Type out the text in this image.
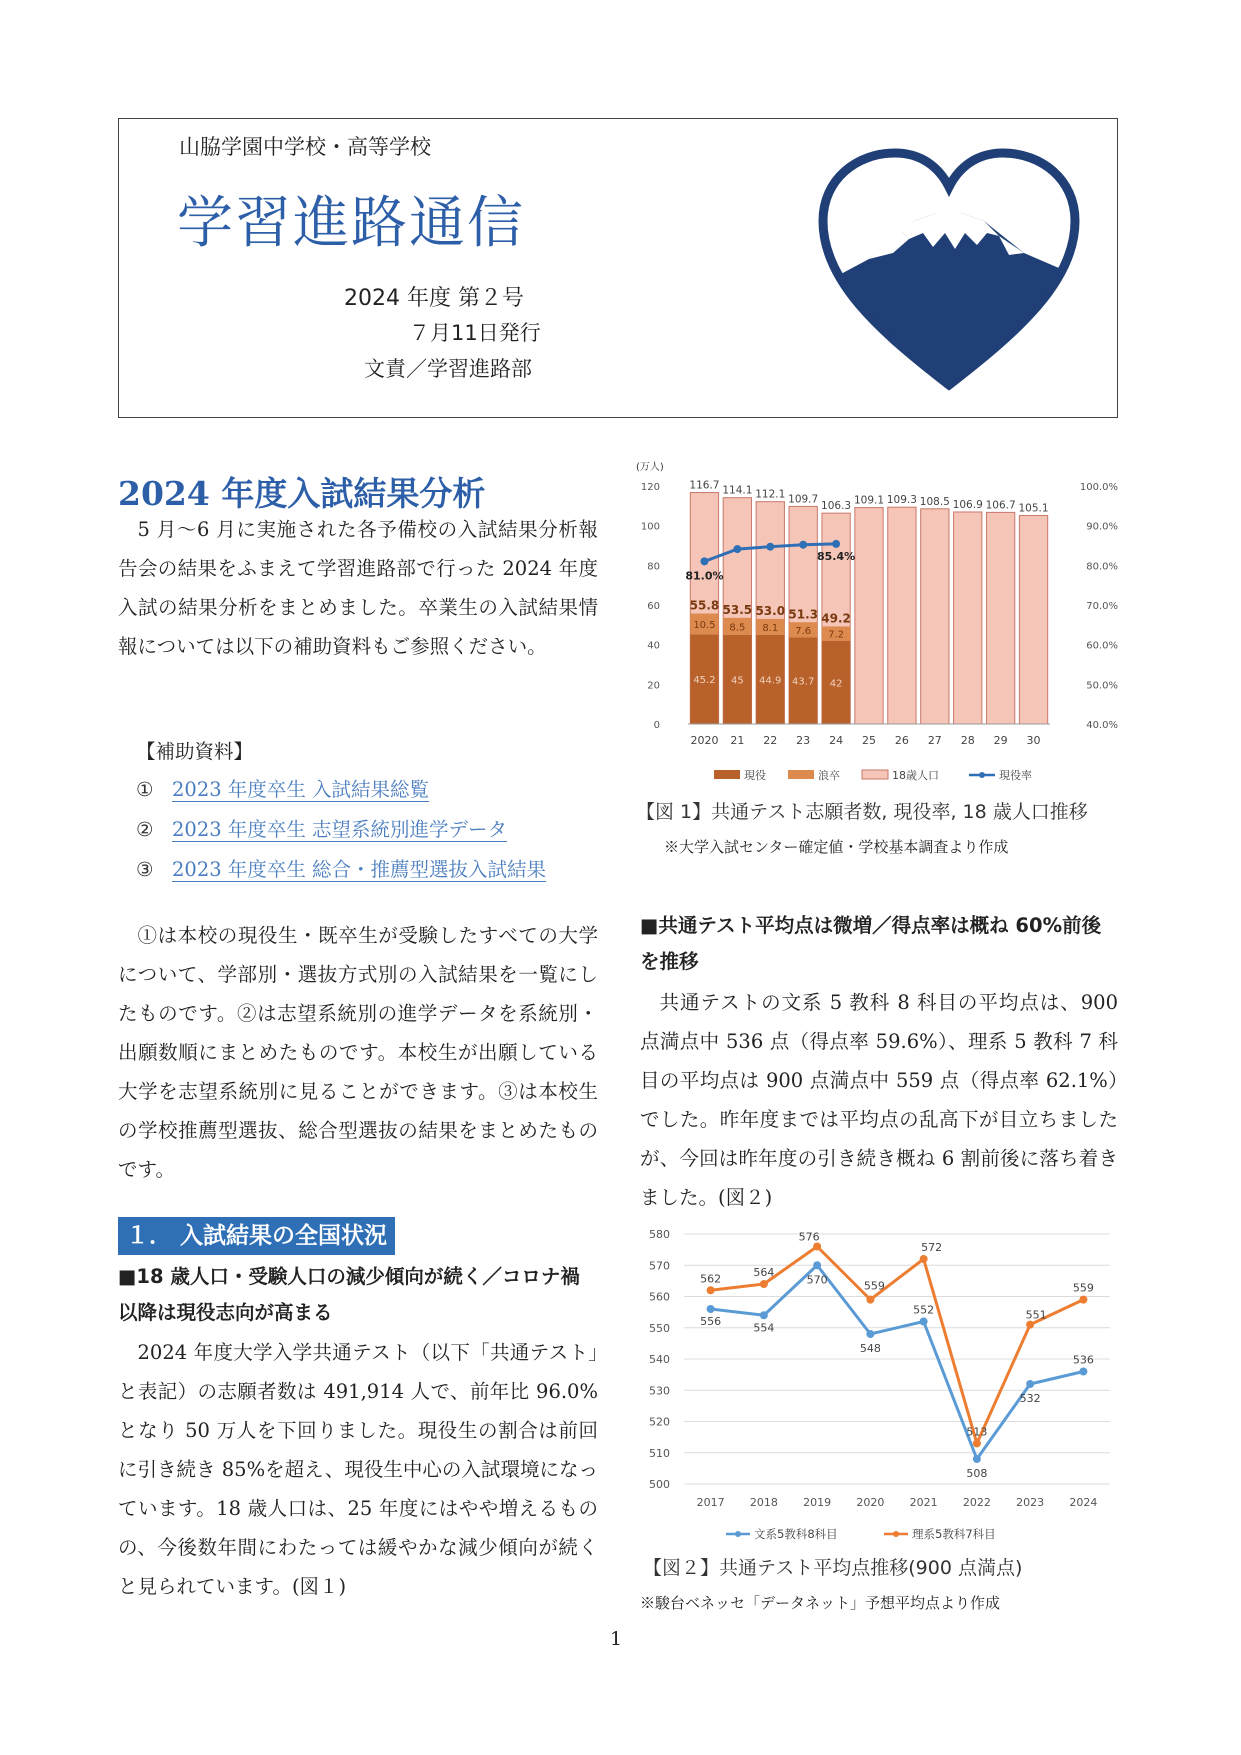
山脇学園中学校・高等学校
学習進路通信
2024 年度 第２号
７月11日発行
文責／学習進路部
2024 年度入試結果分析

5 月～6 月に実施された各予備校の入試結果分析報告会の結果をふまえて学習進路部で行った 2024 年度入試の結果分析をまとめました。卒業生の入試結果情報については以下の補助資料もご参照ください。

【補助資料】
① 2023 年度卒生 入試結果総覧
② 2023 年度卒生 志望系統別進学データ
③ 2023 年度卒生 総合・推薦型選抜入試結果

①は本校の現役生・既卒生が受験したすべての大学について、学部別・選抜方式別の入試結果を一覧にしたものです。②は志望系統別の進学データを系統別・出願数順にまとめたものです。本校生が出願している大学を志望系統別に見ることができます。③は本校生の学校推薦型選抜、総合型選抜の結果をまとめたものです。

１． 入試結果の全国状況
■18 歳人口・受験人口の減少傾向が続く／コロナ禍以降は現役志向が高まる

2024 年度大学入学共通テスト（以下「共通テスト」と表記）の志願者数は 491,914 人で、前年比 96.0%となり 50 万人を下回りました。現役生の割合は前回に引き続き 85%を超え、現役生中心の入試環境になっています。18 歳人口は、25 年度にはやや増えるものの、今後数年間にわたっては緩やかな減少傾向が続くと見られています。(図１)

116.7
45.2
10.5
55.8
114.1
45
8.5
53.5
112.1
44.9
8.1
53.0
109.7
43.7
7.6
51.3
106.3
42
7.2
49.2
109.1 109.3 108.5 106.9 106.7 105.1
81.0%
85.4%
(万人)
0
20
40
60
80
100
120
40.0%
50.0%
60.0%
70.0%
80.0%
90.0%
100.0%
2020 21 22 23 24 25 26 27 28 29 30
現役	浪卒	18歳人口	現役率
【図 1】共通テスト志願者数, 現役率, 18 歳人口推移
※大学入試センター確定値・学校基本調査より作成
■共通テスト平均点は微増／得点率は概ね 60%前後を推移

共通テストの文系 5 教科 8 科目の平均点は、900 点満点中 536 点（得点率 59.6%）、理系 5 教科 7 科目の平均点は 900 点満点中 559 点（得点率 62.1%）でした。昨年度までは平均点の乱高下が目立ちましたが、今回は昨年度の引き続き概ね 6 割前後に落ち着きました。(図２)

500
510
520
530
540
550
560
570
580
2017 2018 2019 2020 2021 2022 2023 2024
556	554
570
548
552
508
532
536
562	564
576
559
572
513
551
559
文系5教科8科目	理系5教科7科目
【図２】共通テスト平均点推移(900 点満点)
※駿台ベネッセ「データネット」予想平均点より作成
1
